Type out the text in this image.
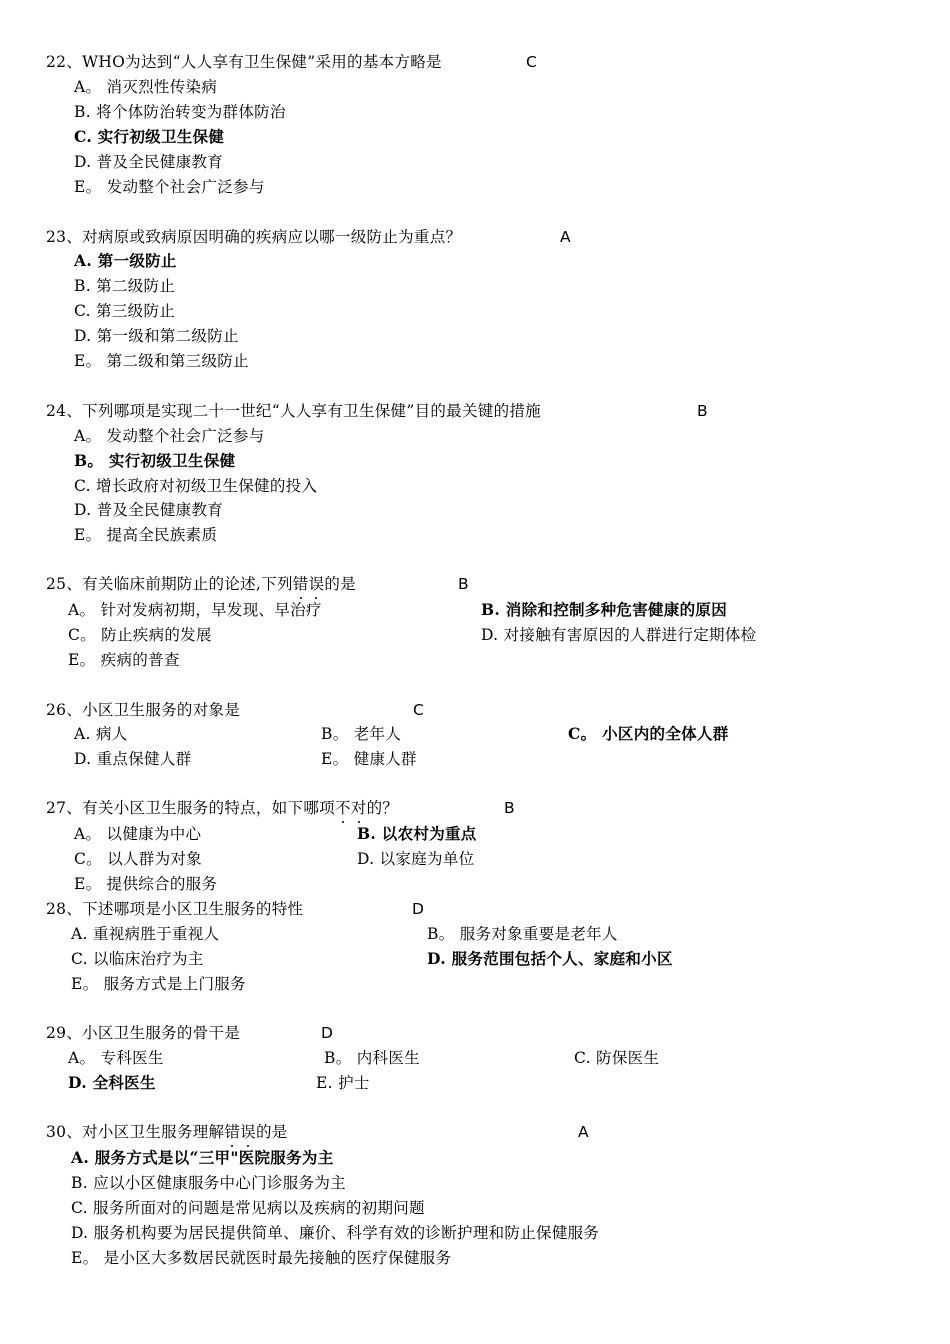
22、WHO为达到“人人享有卫生保健”采用的基本方略是	C
A。 消灭烈性传染病
B. 将个体防治转变为群体防治
C. 实行初级卫生保健
D. 普及全民健康教育
E。 发动整个社会广泛参与
23、对病原或致病原因明确的疾病应以哪一级防止为重点？	A
A. 第一级防止
B. 第二级防止
C. 第三级防止
D. 第一级和第二级防止
E。 第二级和第三级防止
24、下列哪项是实现二十一世纪“人人享有卫生保健”目的最关键的措施	B
A。 发动整个社会广泛参与
B。 实行初级卫生保健
C. 增长政府对初级卫生保健的投入
D. 普及全民健康教育
E。 提高全民族素质
25、有关临床前期防止的论述,下列错误的是	B
A。 针对发病初期，早发现、早治疗	B. 消除和控制多种危害健康的原因
C。 防止疾病的发展	D. 对接触有害原因的人群进行定期体检
E。 疾病的普查
26、小区卫生服务的对象是	C
A. 病人	B。 老年人	C。 小区内的全体人群
D. 重点保健人群	E。 健康人群
27、有关小区卫生服务的特点，如下哪项不对的？	B
A。 以健康为中心	B. 以农村为重点
C。 以人群为对象	D. 以家庭为单位
E。 提供综合的服务
28、下述哪项是小区卫生服务的特性	D
A. 重视病胜于重视人	B。 服务对象重要是老年人
C. 以临床治疗为主	D. 服务范围包括个人、家庭和小区
E。 服务方式是上门服务
29、小区卫生服务的骨干是	D
A。 专科医生	B。 内科医生	C. 防保医生
D. 全科医生	E. 护士
30、对小区卫生服务理解错误的是	A
A. 服务方式是以“三甲"医院服务为主
B. 应以小区健康服务中心门诊服务为主
C. 服务所面对的问题是常见病以及疾病的初期问题
D. 服务机构要为居民提供简单、廉价、科学有效的诊断护理和防止保健服务
E。 是小区大多数居民就医时最先接触的医疗保健服务
